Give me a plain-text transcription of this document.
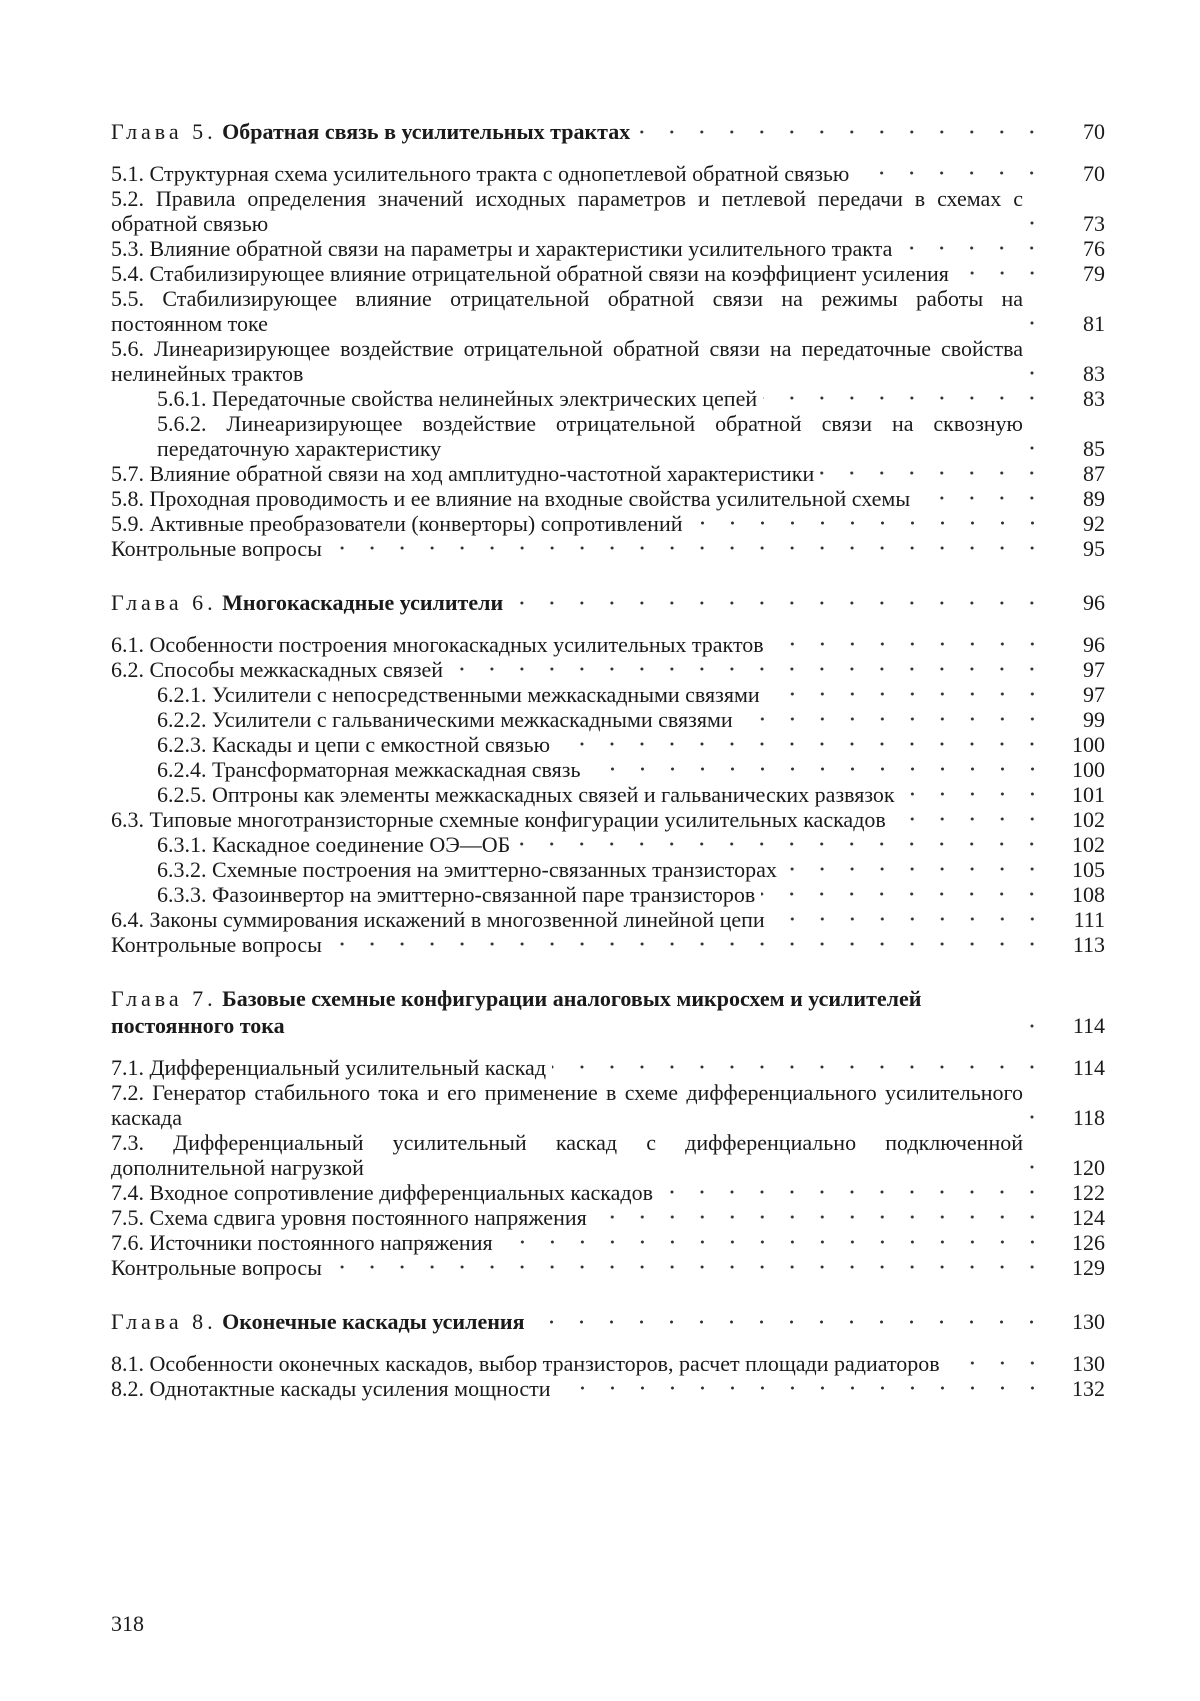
Глава 5. Обратная связь в усилительных трактах	70
5.1. Структурная схема усилительного тракта с однопетлевой обратной связью	70
5.2. Правила определения значений исходных параметров и петлевой передачи в схемах с обратной связью	73
5.3. Влияние обратной связи на параметры и характеристики усилительного тракта	76
5.4. Стабилизирующее влияние отрицательной обратной связи на коэффициент усиления	79
5.5. Стабилизирующее влияние отрицательной обратной связи на режимы работы на постоянном токе	81
5.6. Линеаризирующее воздействие отрицательной обратной связи на передаточные свойства нелинейных трактов	83
5.6.1. Передаточные свойства нелинейных электрических цепей	83
5.6.2. Линеаризирующее воздействие отрицательной обратной связи на сквозную передаточную характеристику	85
5.7. Влияние обратной связи на ход амплитудно-частотной характеристики	87
5.8. Проходная проводимость и ее влияние на входные свойства усилительной схемы	89
5.9. Активные преобразователи (конверторы) сопротивлений	92
Контрольные вопросы	95
Глава 6. Многокаскадные усилители	96
6.1. Особенности построения многокаскадных усилительных трактов	96
6.2. Способы межкаскадных связей	97
6.2.1. Усилители с непосредственными межкаскадными связями	97
6.2.2. Усилители с гальваническими межкаскадными связями	99
6.2.3. Каскады и цепи с емкостной связью	100
6.2.4. Трансформаторная межкаскадная связь	100
6.2.5. Оптроны как элементы межкаскадных связей и гальванических развязок	101
6.3. Типовые многотранзисторные схемные конфигурации усилительных каскадов	102
6.3.1. Каскадное соединение ОЭ—ОБ	102
6.3.2. Схемные построения на эмиттерно-связанных транзисторах	105
6.3.3. Фазоинвертор на эмиттерно-связанной паре транзисторов	108
6.4. Законы суммирования искажений в многозвенной линейной цепи	111
Контрольные вопросы	113
Глава 7. Базовые схемные конфигурации аналоговых микросхем и усилителей постоянного тока	114
7.1. Дифференциальный усилительный каскад	114
7.2. Генератор стабильного тока и его применение в схеме дифференциального усилительного каскада	118
7.3. Дифференциальный усилительный каскад с дифференциально подключенной дополнительной нагрузкой	120
7.4. Входное сопротивление дифференциальных каскадов	122
7.5. Схема сдвига уровня постоянного напряжения	124
7.6. Источники постоянного напряжения	126
Контрольные вопросы	129
Глава 8. Оконечные каскады усиления	130
8.1. Особенности оконечных каскадов, выбор транзисторов, расчет площади радиаторов	130
8.2. Однотактные каскады усиления мощности	132
318
